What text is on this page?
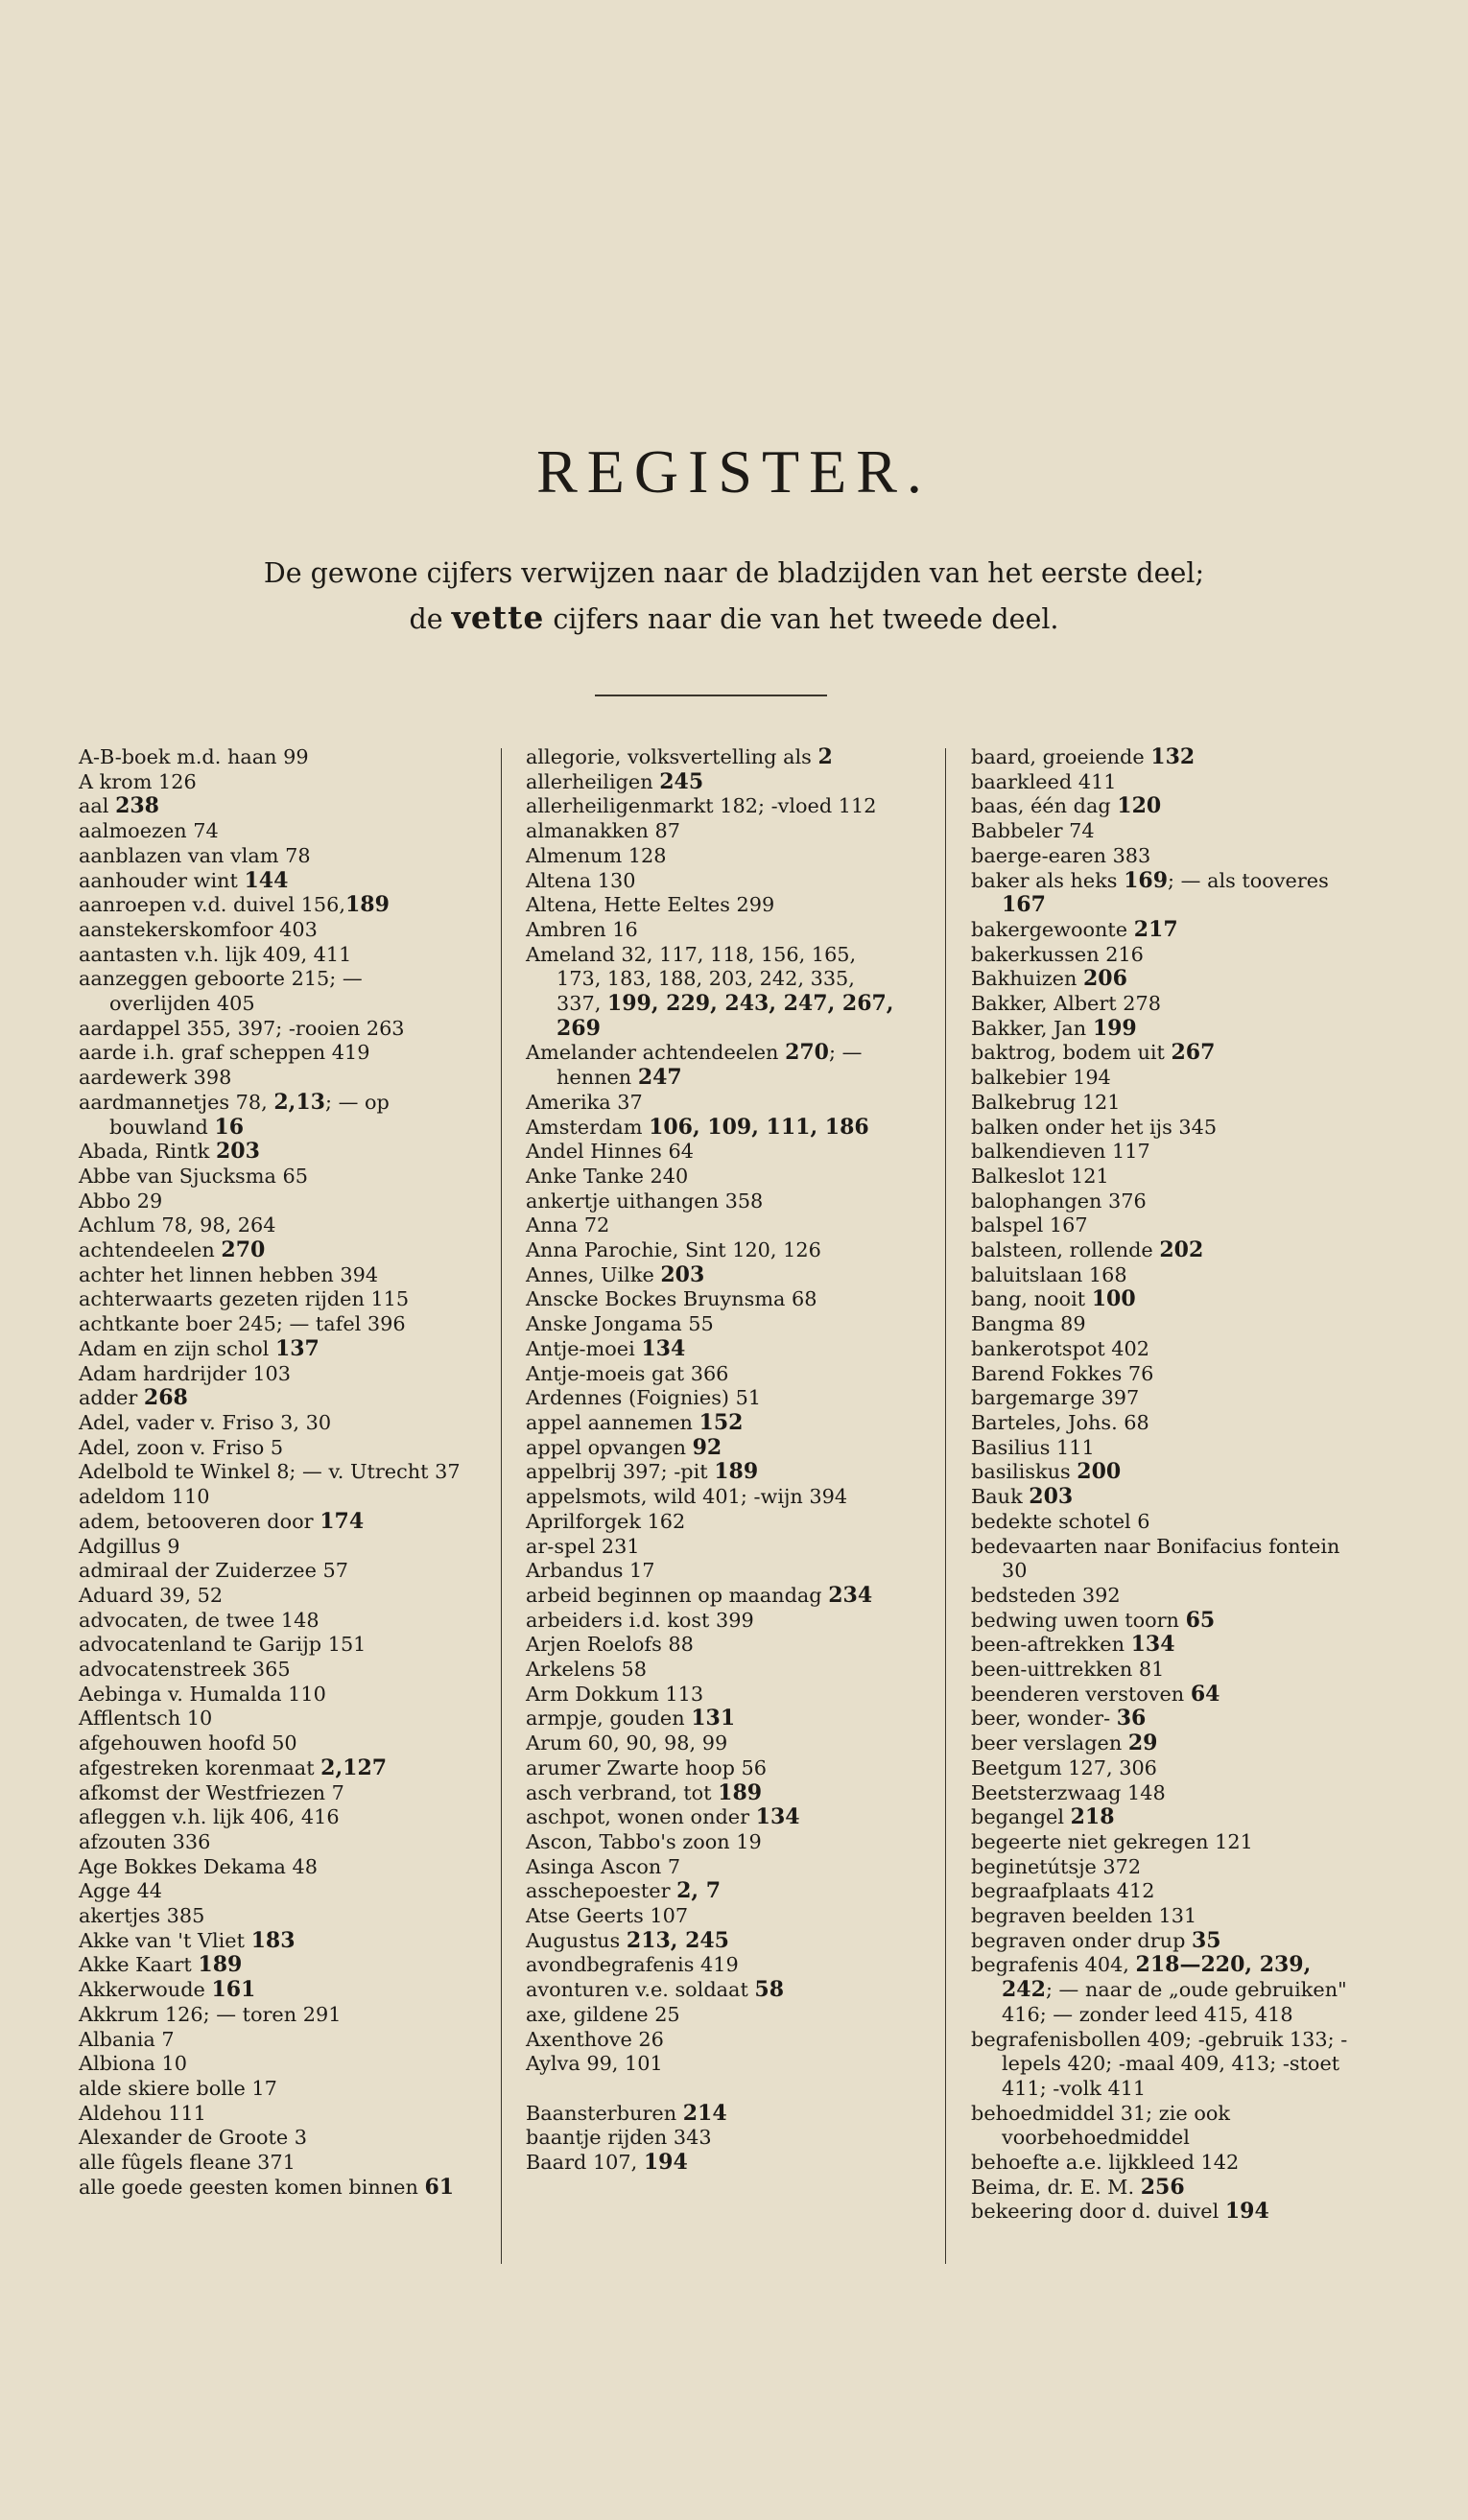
REGISTER.
De gewone cijfers verwijzen naar de bladzijden van het eerste deel;
de vette cijfers naar die van het tweede deel.
A-B-boek m.d. haan 99
A krom 126
aal 238
aalmoezen 74
aanblazen van vlam 78
aanhouder wint 144
aanroepen v.d. duivel 156,189
aanstekerskomfoor 403
aantasten v.h. lijk 409, 411
aanzeggen geboorte 215; — overlijden 405
aardappel 355, 397; -rooien 263
aarde i.h. graf scheppen 419
aardewerk 398
aardmannetjes 78, 2,13; — op bouwland 16
Abada, Rintk 203
Abbe van Sjucksma 65
Abbo 29
Achlum 78, 98, 264
achtendeelen 270
achter het linnen hebben 394
achterwaarts gezeten rijden 115
achtkante boer 245; — tafel 396
Adam en zijn schol 137
Adam hardrijder 103
adder 268
Adel, vader v. Friso 3, 30
Adel, zoon v. Friso 5
Adelbold te Winkel 8; — v. Utrecht 37
adeldom 110
adem, betooveren door 174
Adgillus 9
admiraal der Zuiderzee 57
Aduard 39, 52
advocaten, de twee 148
advocatenland te Garijp 151
advocatenstreek 365
Aebinga v. Humalda 110
Afflentsch 10
afgehouwen hoofd 50
afgestreken korenmaat 2,127
afkomst der Westfriezen 7
afleggen v.h. lijk 406, 416
afzouten 336
Age Bokkes Dekama 48
Agge 44
akertjes 385
Akke van 't Vliet 183
Akke Kaart 189
Akkerwoude 161
Akkrum 126; — toren 291
Albania 7
Albiona 10
alde skiere bolle 17
Aldehou 111
Alexander de Groote 3
alle fûgels fleane 371
alle goede geesten komen binnen 61
allegorie, volksvertelling als 2
allerheiligen 245
allerheiligenmarkt 182; -vloed 112
almanakken 87
Almenum 128
Altena 130
Altena, Hette Eeltes 299
Ambren 16
Ameland 32, 117, 118, 156, 165, 173, 183, 188, 203, 242, 335, 337, 199, 229, 243, 247, 267, 269
Amelander achtendeelen 270; — hennen 247
Amerika 37
Amsterdam 106, 109, 111, 186
Andel Hinnes 64
Anke Tanke 240
ankertje uithangen 358
Anna 72
Anna Parochie, Sint 120, 126
Annes, Uilke 203
Anscke Bockes Bruynsma 68
Anske Jongama 55
Antje-moei 134
Antje-moeis gat 366
Ardennes (Foignies) 51
appel aannemen 152
appel opvangen 92
appelbrij 397; -pit 189
appelsmots, wild 401; -wijn 394
Aprilforgek 162
ar-spel 231
Arbandus 17
arbeid beginnen op maandag 234
arbeiders i.d. kost 399
Arjen Roelofs 88
Arkelens 58
Arm Dokkum 113
armpje, gouden 131
Arum 60, 90, 98, 99
arumer Zwarte hoop 56
asch verbrand, tot 189
aschpot, wonen onder 134
Ascon, Tabbo's zoon 19
Asinga Ascon 7
asschepoester 2, 7
Atse Geerts 107
Augustus 213, 245
avondbegrafenis 419
avonturen v.e. soldaat 58
axe, gildene 25
Axenthove 26
Aylva 99, 101
Baansterburen 214
baantje rijden 343
Baard 107, 194
baard, groeiende 132
baarkleed 411
baas, één dag 120
Babbeler 74
baerge-earen 383
baker als heks 169; — als tooveres 167
bakergewoonte 217
bakerkussen 216
Bakhuizen 206
Bakker, Albert 278
Bakker, Jan 199
baktrog, bodem uit 267
balkebier 194
Balkebrug 121
balken onder het ijs 345
balkendieven 117
Balkeslot 121
balophangen 376
balspel 167
balsteen, rollende 202
baluitslaan 168
bang, nooit 100
Bangma 89
bankerotspot 402
Barend Fokkes 76
bargemarge 397
Barteles, Johs. 68
Basilius 111
basiliskus 200
Bauk 203
bedekte schotel 6
bedevaarten naar Bonifacius fontein 30
bedsteden 392
bedwing uwen toorn 65
been-aftrekken 134
been-uittrekken 81
beenderen verstoven 64
beer, wonder- 36
beer verslagen 29
Beetgum 127, 306
Beetsterzwaag 148
begangel 218
begeerte niet gekregen 121
beginetútsje 372
begraafplaats 412
begraven beelden 131
begraven onder drup 35
begrafenis 404, 218—220, 239, 242; — naar de „oude gebruiken" 416; — zonder leed 415, 418
begrafenisbollen 409; -gebruik 133; -lepels 420; -maal 409, 413; -stoet 411; -volk 411
behoedmiddel 31; zie ook voorbehoedmiddel
behoefte a.e. lijkkleed 142
Beima, dr. E. M. 256
bekeering door d. duivel 194
